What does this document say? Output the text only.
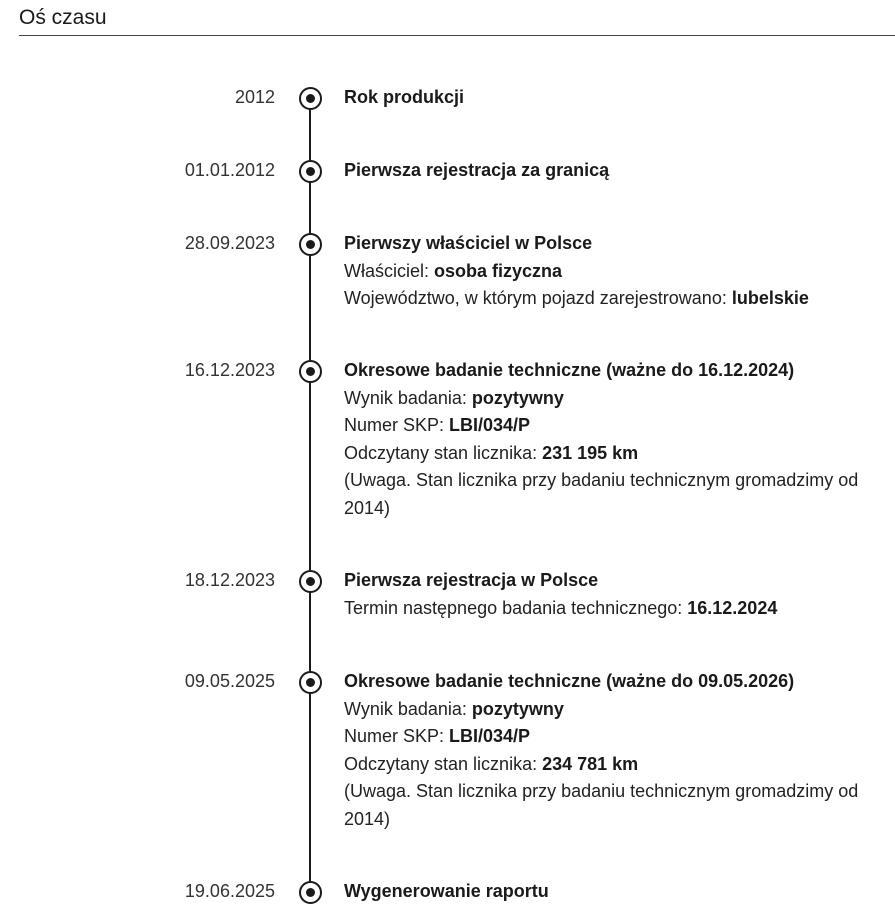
Oś czasu
2012	Rok produkcji
01.01.2012	Pierwsza rejestracja za granicą
28.09.2023	Pierwszy właściciel w Polsce
Właściciel: osoba fizyczna
Województwo, w którym pojazd zarejestrowano: lubelskie
16.12.2023	Okresowe badanie techniczne (ważne do 16.12.2024)
Wynik badania: pozytywny
Numer SKP: LBI/034/P
Odczytany stan licznika: 231 195 km
(Uwaga. Stan licznika przy badaniu technicznym gromadzimy od 2014)
18.12.2023	Pierwsza rejestracja w Polsce
Termin następnego badania technicznego: 16.12.2024
09.05.2025	Okresowe badanie techniczne (ważne do 09.05.2026)
Wynik badania: pozytywny
Numer SKP: LBI/034/P
Odczytany stan licznika: 234 781 km
(Uwaga. Stan licznika przy badaniu technicznym gromadzimy od 2014)
19.06.2025	Wygenerowanie raportu
